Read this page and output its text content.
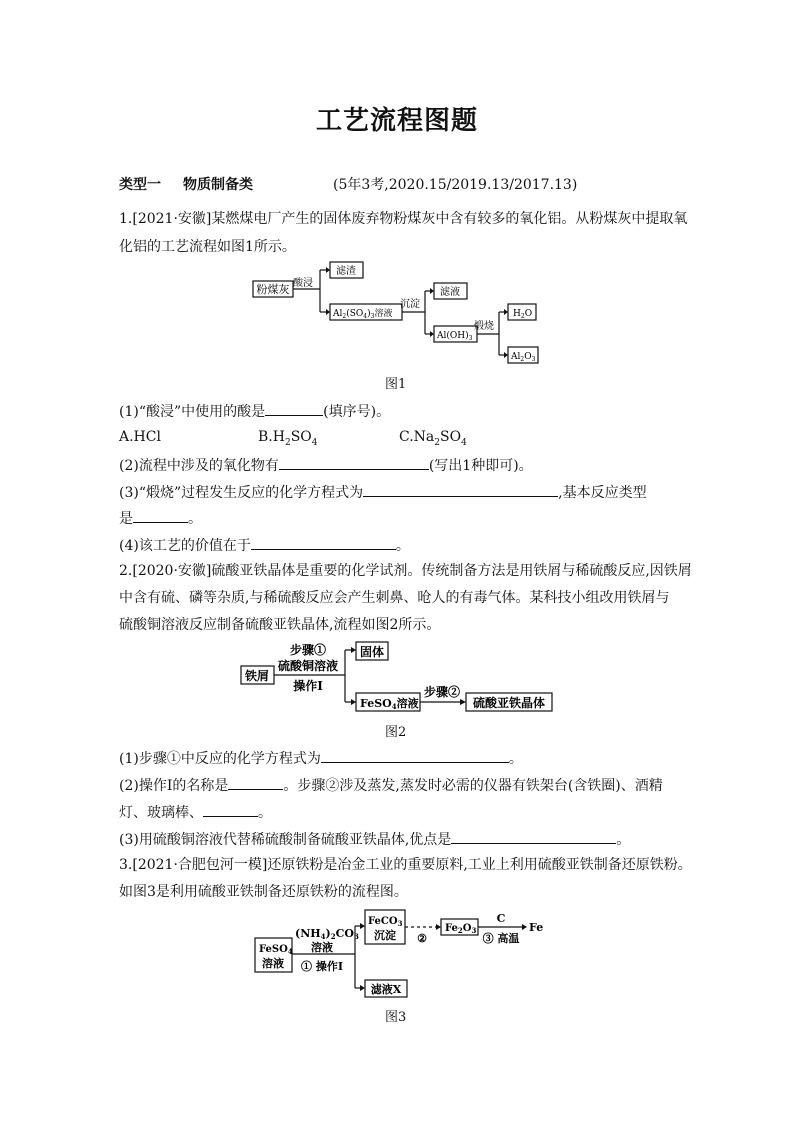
工艺流程图题
类型一 物质制备类	(5年3考,2020.15/2019.13/2017.13)
1.[2021·安徽]某燃煤电厂产生的固体废弃物粉煤灰中含有较多的氧化铝。从粉煤灰中提取氧
化铝的工艺流程如图1所示。
粉煤灰 酸浸
滤渣
$Al_2(SO_4)_3$溶液
沉淀
滤液
$Al(OH)_3$
煅烧
$H_2O$
$Al_2O_3$
图1
(1)“酸浸”中使用的酸是	(填序号)。
A.HCl	$B.H_2SO_4$	$C.Na_2SO_4$
(2)流程中涉及的氧化物有	(写出1种即可)。
(3)“煅烧”过程发生反应的化学方程式为	,基本反应类型
是	。
(4)该工艺的价值在于	。
2.[2020·安徽]硫酸亚铁晶体是重要的化学试剂。传统制备方法是用铁屑与稀硫酸反应,因铁屑
中含有硫、磷等杂质,与稀硫酸反应会产生刺鼻、呛人的有毒气体。某科技小组改用铁屑与
硫酸铜溶液反应制备硫酸亚铁晶体,流程如图2所示。
铁屑
步骤①
硫酸铜溶液
操作Ⅰ
固体
FeSO4溶液
步骤②
硫酸亚铁晶体
图2
(1)步骤①中反应的化学方程式为	。
(2)操作Ⅰ的名称是	。步骤②涉及蒸发,蒸发时必需的仪器有铁架台(含铁圈)、酒精
灯、玻璃棒、	。
(3)用硫酸铜溶液代替稀硫酸制备硫酸亚铁晶体,优点是	。
3.[2021·合肥包河一模]还原铁粉是冶金工业的重要原料,工业上利用硫酸亚铁制备还原铁粉。
如图3是利用硫酸亚铁制备还原铁粉的流程图。
FeSO$_4$
溶液
(NH4)2CO3
溶液
① 操作Ⅰ
FeCO$_3$
沉淀 ②
$Fe_2O_3$
C
③ 高温
Fe
滤液X
图3
